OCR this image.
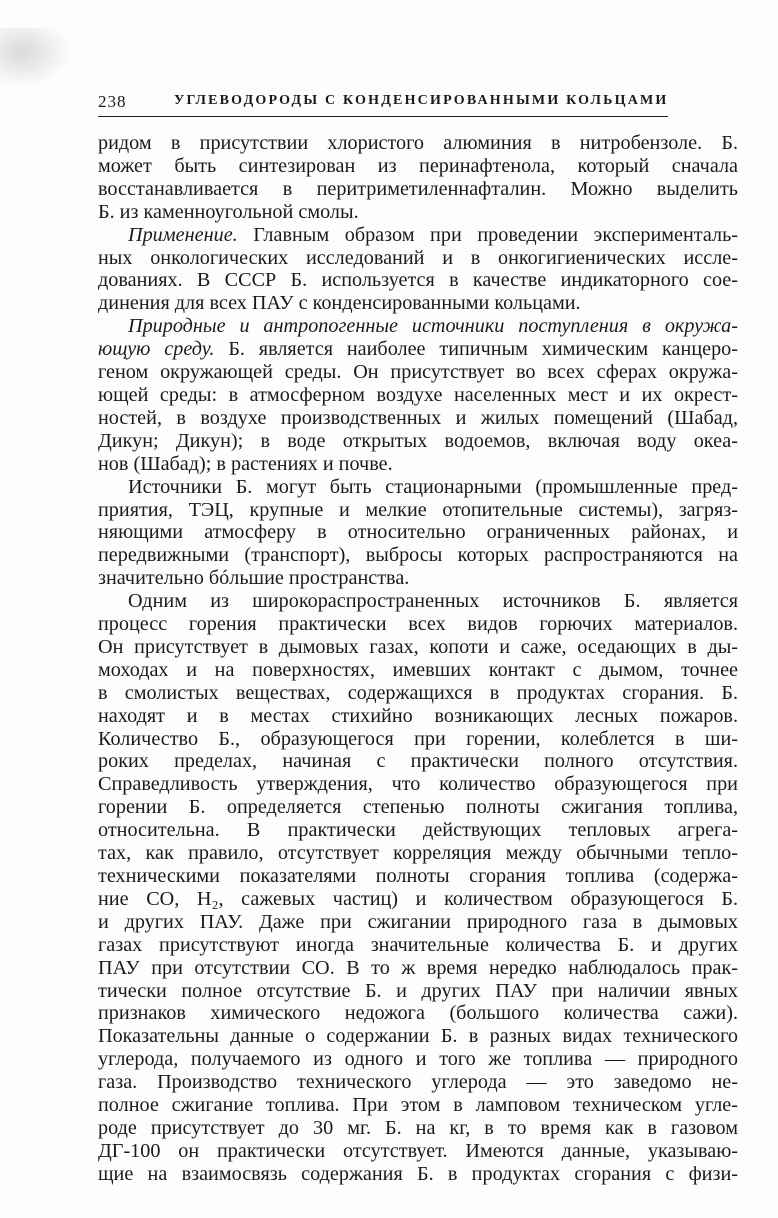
238	УГЛЕВОДОРОДЫ С КОНДЕНСИРОВАННЫМИ КОЛЬЦАМИ

ридом в присутствии хлористого алюминия в нитробензоле. Б.
может быть синтезирован из перинафтенола, который сначала
восстанавливается в перитриметиленнафталин. Можно выделить
Б. из каменноугольной смолы.

Применение. Главным образом при проведении эксперименталь-
ных онкологических исследований и в онкогигиенических иссле-
дованиях. В СССР Б. используется в качестве индикаторного сое-
динения для всех ПАУ с конденсированными кольцами.

Природные и антропогенные источники поступления в окружа-
ющую среду. Б. является наиболее типичным химическим канцеро-
геном окружающей среды. Он присутствует во всех сферах окружа-
ющей среды: в атмосферном воздухе населенных мест и их окрест-
ностей, в воздухе производственных и жилых помещений (Шабад,
Дикун; Дикун); в воде открытых водоемов, включая воду океа-
нов (Шабад); в растениях и почве.

Источники Б. могут быть стационарными (промышленные пред-
приятия, ТЭЦ, крупные и мелкие отопительные системы), загряз-
няющими атмосферу в относительно ограниченных районах, и
передвижными (транспорт), выбросы которых распространяются на
значительно бóльшие пространства.

Одним из широкораспространенных источников Б. является
процесс горения практически всех видов горючих материалов.
Он присутствует в дымовых газах, копоти и саже, оседающих в ды-
моходах и на поверхностях, имевших контакт с дымом, точнее
в смолистых веществах, содержащихся в продуктах сгорания. Б.
находят и в местах стихийно возникающих лесных пожаров.
Количество Б., образующегося при горении, колеблется в ши-
роких пределах, начиная с практически полного отсутствия.
Справедливость утверждения, что количество образующегося при
горении Б. определяется степенью полноты сжигания топлива,
относительна. В практически действующих тепловых агрега-
тах, как правило, отсутствует корреляция между обычными тепло-
техническими показателями полноты сгорания топлива (содержа-
ние CO, H₂, сажевых частиц) и количеством образующегося Б.
и других ПАУ. Даже при сжигании природного газа в дымовых
газах присутствуют иногда значительные количества Б. и других
ПАУ при отсутствии CO. В то ж время нередко наблюдалось прак-
тически полное отсутствие Б. и других ПАУ при наличии явных
признаков химического недожога (большого количества сажи).
Показательны данные о содержании Б. в разных видах технического
углерода, получаемого из одного и того же топлива — природного
газа. Производство технического углерода — это заведомо не-
полное сжигание топлива. При этом в ламповом техническом угле-
роде присутствует до 30 мг. Б. на кг, в то время как в газовом
ДГ-100 он практически отсутствует. Имеются данные, указываю-
щие на взаимосвязь содержания Б. в продуктах сгорания с физи-
